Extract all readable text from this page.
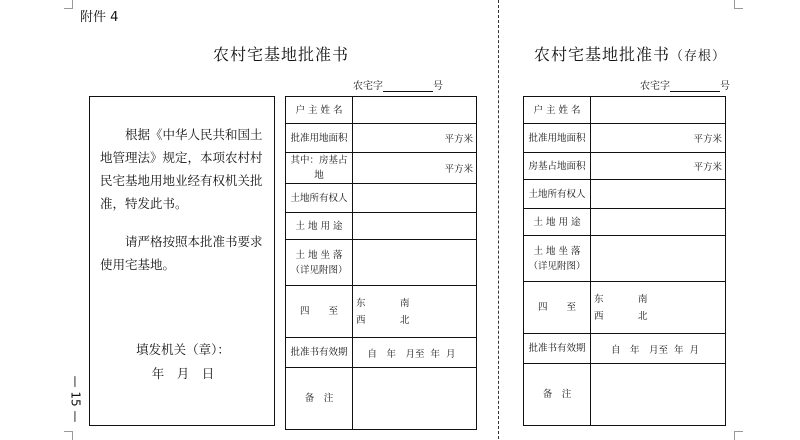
附件 4
— 15 —
农村宅基地批准书
农宅字	号

根据《中华人民共和国土地管理法》规定，本项农村村民宅基地用地业经有权机关批准，特发此书。

请严格按照本批准书要求使用宅基地。

填发机关（章）：
年　月　日
户 主 姓 名	
批准用地面积	平方米
其中：房基占地	平方米
土地所有权人	
土 地 用 途	

土 地 坐 落
（详见附图）	

四　　至	东 南
西 北

批准书有效期	自　年　月至 年 月
备　注	
农村宅基地批准书（存根）
农宅字	号
户 主 姓 名	
批准用地面积	平方米
房基占地面积	平方米
土地所有权人	
土 地 用 途	

土 地 坐 落
（详见附图）	

四　　至	东 南
西 北

批准书有效期	自　年　月至 年 月
备　注	
